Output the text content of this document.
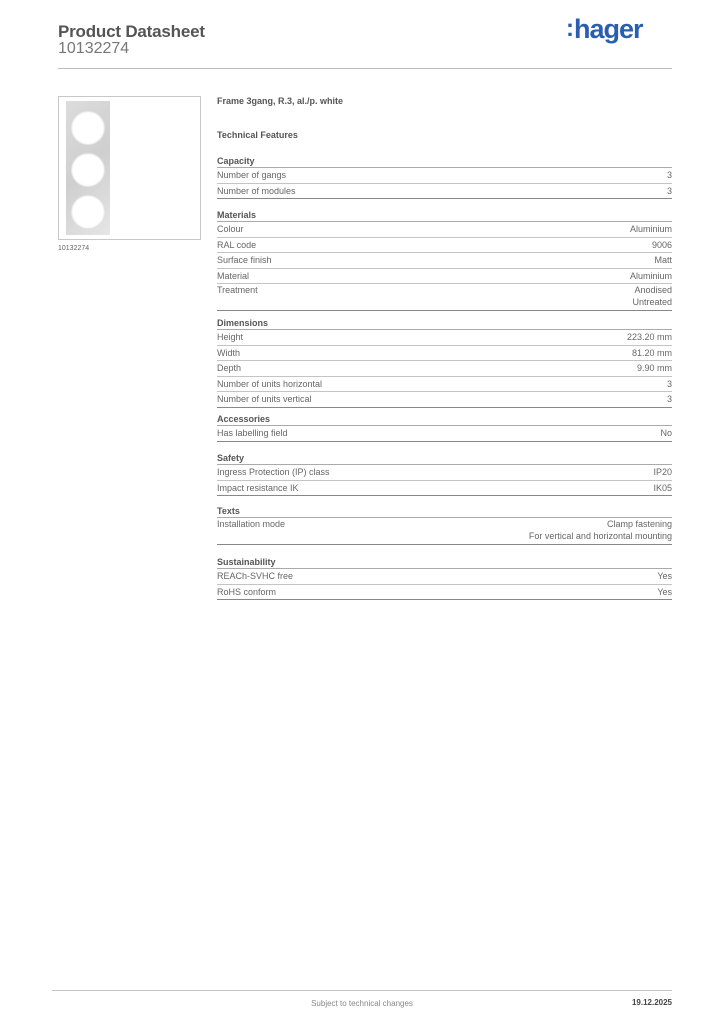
Product Datasheet
10132274
:hager
10132274
Frame 3gang, R.3, al./p. white
Technical Features
Capacity
Number of gangs	3
Number of modules	3
Materials
Colour	Aluminium
RAL code	9006
Surface finish	Matt
Material	Aluminium
Treatment	Anodised
Untreated
Dimensions
Height	223.20 mm
Width	81.20 mm
Depth	9.90 mm
Number of units horizontal	3
Number of units vertical	3
Accessories
Has labelling field	No
Safety
Ingress Protection (IP) class	IP20
Impact resistance IK	IK05
Texts
Installation mode	Clamp fastening
For vertical and horizontal mounting
Sustainability
REACh-SVHC free	Yes
RoHS conform	Yes
Subject to technical changes	19.12.2025
